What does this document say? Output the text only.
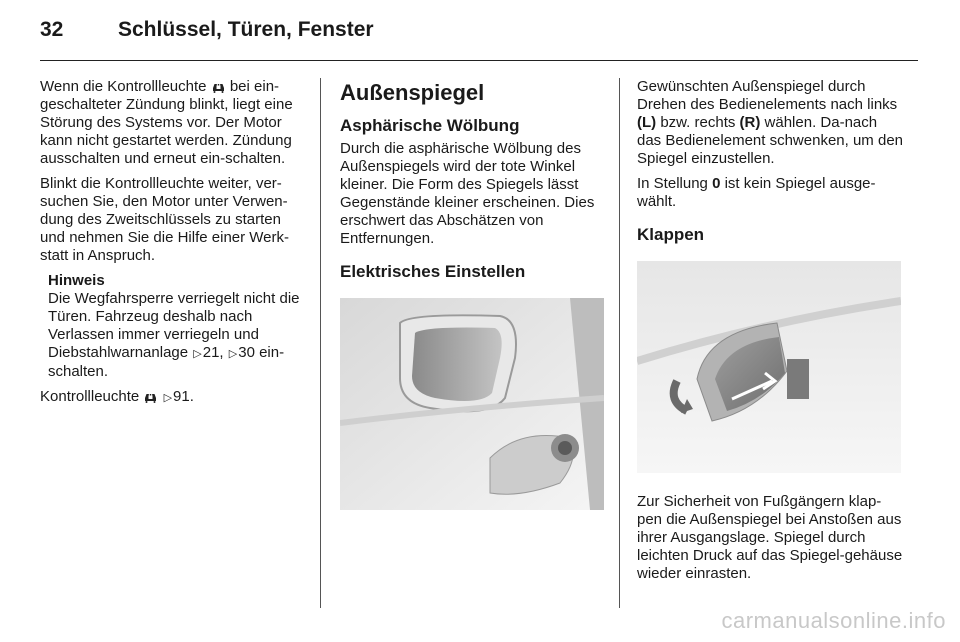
32	Schlüssel, Türen, Fenster

Wenn die Kontrollleuchte bei ein-geschalteter Zündung blinkt, liegt eine Störung des Systems vor. Der Motor kann nicht gestartet werden. Zündung ausschalten und erneut ein-schalten.

Blinkt die Kontrollleuchte weiter, ver-suchen Sie, den Motor unter Verwen-dung des Zweitschlüssels zu starten und nehmen Sie die Hilfe einer Werk-statt in Anspruch.

Hinweis

Die Wegfahrsperre verriegelt nicht die Türen. Fahrzeug deshalb nach Verlassen immer verriegeln und Diebstahlwarnanlage ▷21, ▷30 ein-schalten.

Kontrollleuchte ▷91.

Außenspiegel
Asphärische Wölbung

Durch die asphärische Wölbung des Außenspiegels wird der tote Winkel kleiner. Die Form des Spiegels lässt Gegenstände kleiner erscheinen. Dies erschwert das Abschätzen von Entfernungen.

Elektrisches Einstellen

Gewünschten Außenspiegel durch Drehen des Bedienelements nach links (L) bzw. rechts (R) wählen. Da-nach das Bedienelement schwenken, um den Spiegel einzustellen.

In Stellung 0 ist kein Spiegel ausge-wählt.

Klappen

Zur Sicherheit von Fußgängern klap-pen die Außenspiegel bei Anstoßen aus ihrer Ausgangslage. Spiegel durch leichten Druck auf das Spiegel-gehäuse wieder einrasten.

carmanualsonline.info
